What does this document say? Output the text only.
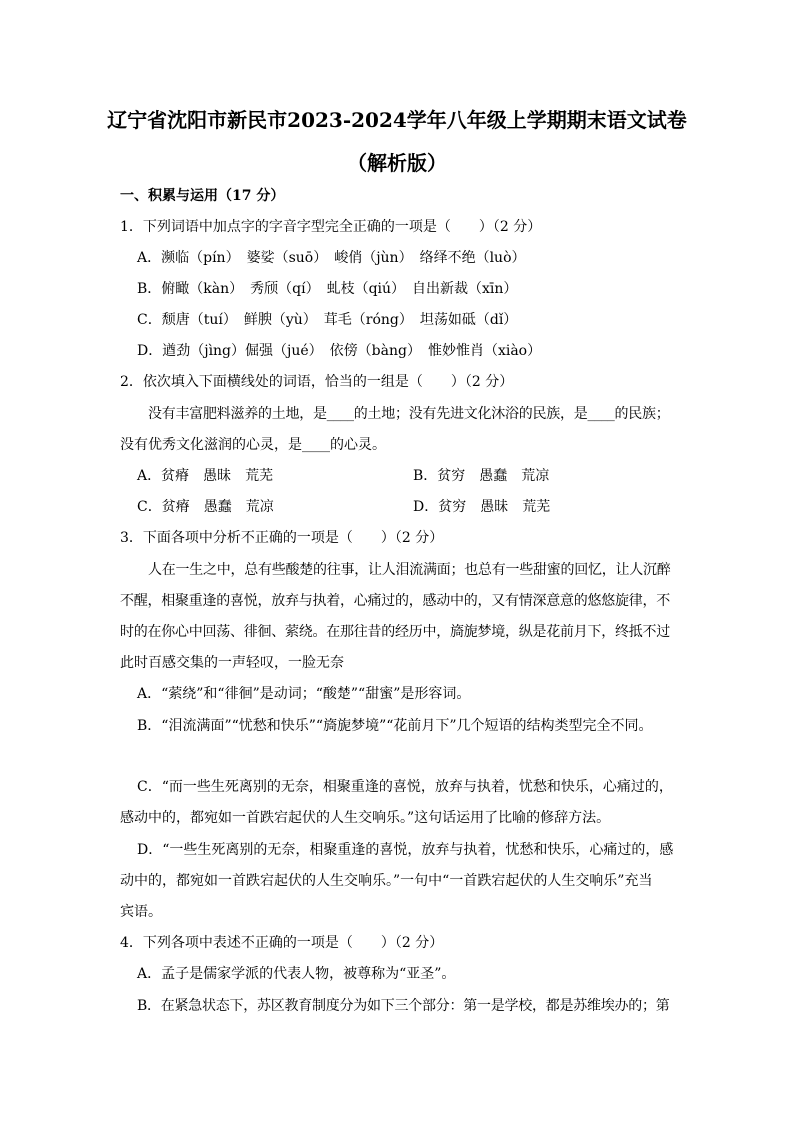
辽宁省沈阳市新民市2023-2024学年八年级上学期期末语文试卷
（解析版）
一、积累与运用（17 分）
1．下列词语中加点字的字音字型完全正确的一项是（　　）（2 分）
A．濒临（pín）　婆娑（suō）　峻俏（jùn）　络绎不绝（luò）
B．俯瞰（kàn）　秀颀（qí）　虬枝（qiú）　自出新裁（xīn）
C．颓唐（tuí）　鲜腴（yù）　茸毛（róng）　坦荡如砥（dǐ）
D．遒劲（jìng）倔强（jué）　依傍（bàng）　惟妙惟肖（xiào）
2．依次填入下面横线处的词语，恰当的一组是（　　）（2 分）
没有丰富肥料滋养的土地，是____的土地；没有先进文化沐浴的民族，是____的民族；
没有优秀文化滋润的心灵，是____的心灵。
A．贫瘠　愚昧　荒芜	B．贫穷　愚蠢　荒凉
C．贫瘠　愚蠢　荒凉	D．贫穷　愚昧　荒芜
3．下面各项中分析不正确的一项是（　　）（2 分）
人在一生之中，总有些酸楚的往事，让人泪流满面；也总有一些甜蜜的回忆，让人沉醉
不醒，相聚重逢的喜悦，放弃与执着，心痛过的，感动中的，又有情深意意的悠悠旋律，不
时的在你心中回荡、徘徊、萦绕。在那往昔的经历中，旖旎梦境，纵是花前月下，终抵不过
此时百感交集的一声轻叹，一脸无奈
A．“萦绕”和“徘徊”是动词；“酸楚”“甜蜜”是形容词。
B．“泪流满面”“忧愁和快乐”“旖旎梦境”“花前月下”几个短语的结构类型完全不同。
C．“而一些生死离别的无奈，相聚重逢的喜悦，放弃与执着，忧愁和快乐，心痛过的，
感动中的，都宛如一首跌宕起伏的人生交响乐。”这句话运用了比喻的修辞方法。
D．“一些生死离别的无奈，相聚重逢的喜悦，放弃与执着，忧愁和快乐，心痛过的，感
动中的，都宛如一首跌宕起伏的人生交响乐。”一句中“一首跌宕起伏的人生交响乐”充当
宾语。
4．下列各项中表述不正确的一项是（　　）（2 分）
A．孟子是儒家学派的代表人物，被尊称为“亚圣”。
B．在紧急状态下，苏区教育制度分为如下三个部分：第一是学校，都是苏维埃办的；第
